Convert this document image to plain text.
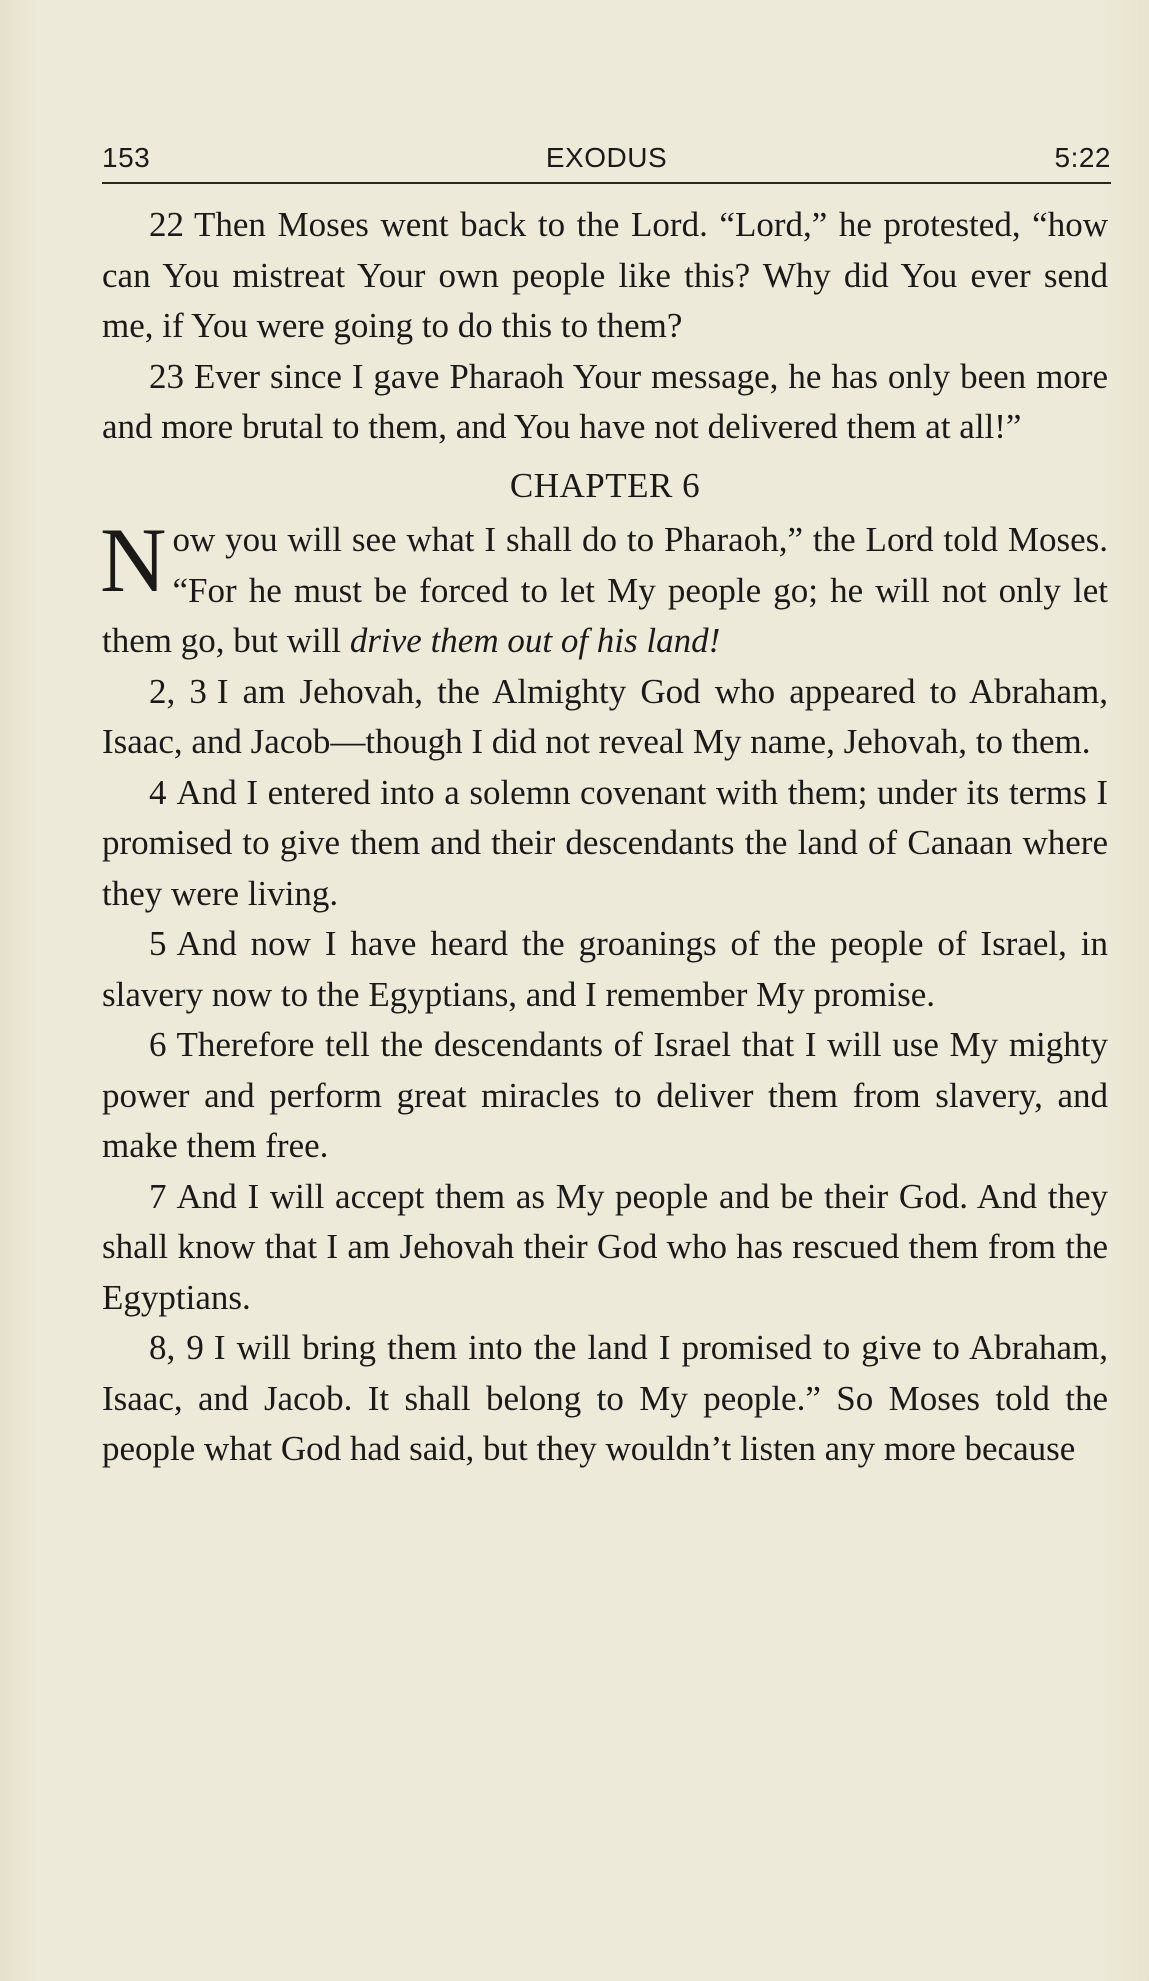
153	EXODUS	5:22

22 Then Moses went back to the Lord. “Lord,” he protested, “how can You mistreat Your own people like this? Why did You ever send me, if You were going to do this to them?

23 Ever since I gave Pharaoh Your message, he has only been more and more brutal to them, and You have not delivered them at all!”

CHAPTER 6

Now you will see what I shall do to Pharaoh,” the Lord told Moses. “For he must be forced to let My people go; he will not only let them go, but will drive them out of his land!

2, 3 I am Jehovah, the Almighty God who appeared to Abraham, Isaac, and Jacob—though I did not reveal My name, Jehovah, to them.

4 And I entered into a solemn covenant with them; under its terms I promised to give them and their descendants the land of Canaan where they were living.

5 And now I have heard the groanings of the people of Israel, in slavery now to the Egyptians, and I remember My promise.

6 Therefore tell the descendants of Israel that I will use My mighty power and perform great miracles to deliver them from slavery, and make them free.

7 And I will accept them as My people and be their God. And they shall know that I am Jehovah their God who has rescued them from the Egyptians.

8, 9 I will bring them into the land I promised to give to Abraham, Isaac, and Jacob. It shall belong to My people.” So Moses told the people what God had said, but they wouldn’t listen any more because
